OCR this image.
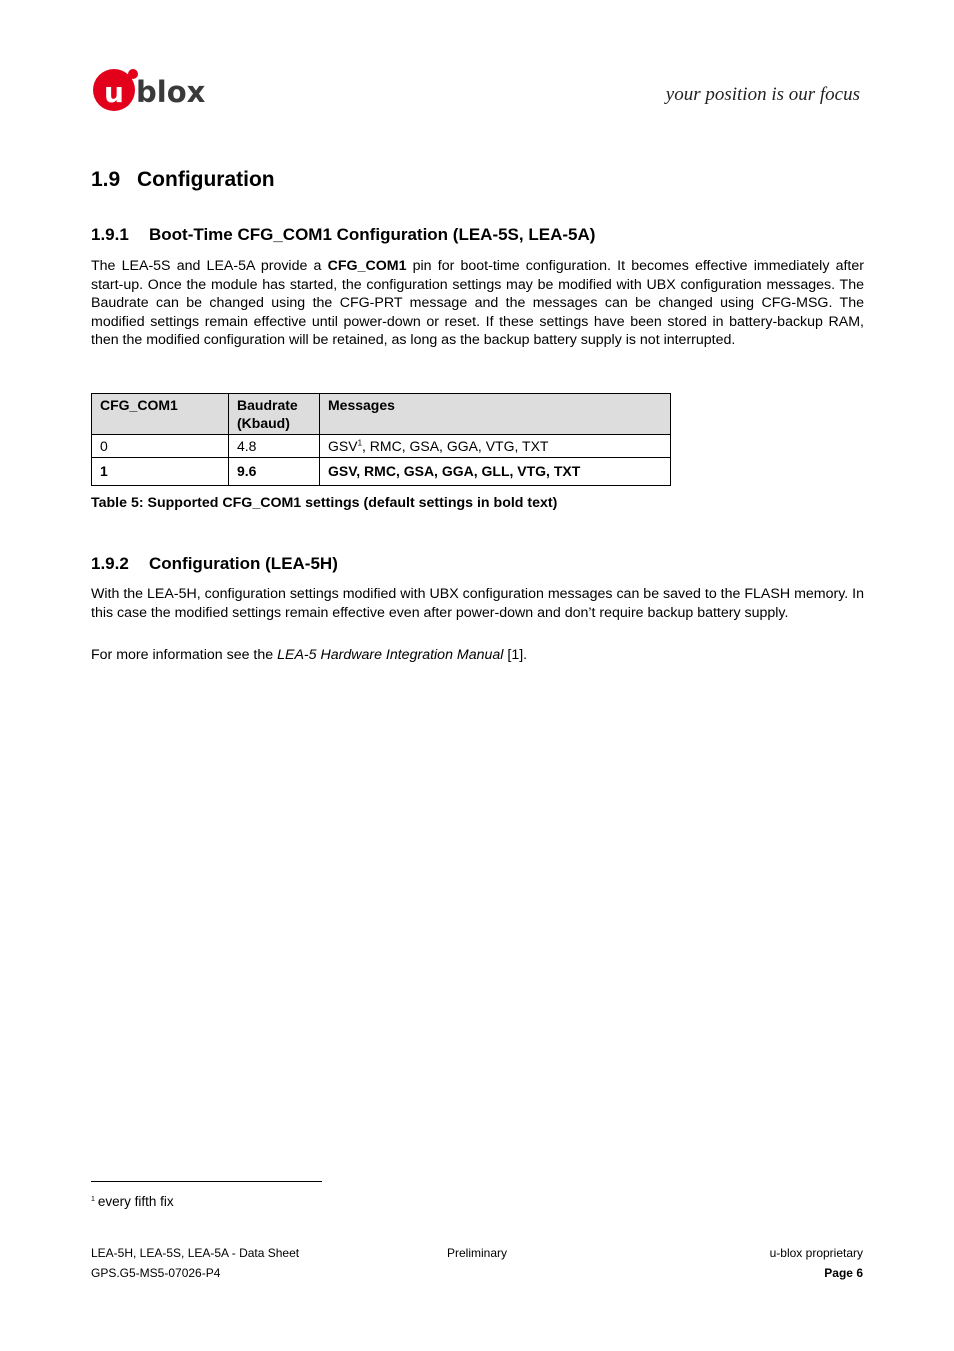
u blox	your position is our focus
1.9 Configuration
1.9.1 Boot-Time CFG_COM1 Configuration (LEA-5S, LEA-5A)

The LEA-5S and LEA-5A provide a CFG_COM1 pin for boot-time configuration. It becomes effective immediately after start-up. Once the module has started, the configuration settings may be modified with UBX configuration messages. The Baudrate can be changed using the CFG-PRT message and the messages can be changed using CFG-MSG. The modified settings remain effective until power-down or reset. If these settings have been stored in battery-backup RAM, then the modified configuration will be retained, as long as the backup battery supply is not interrupted.

CFG_COM1	Baudrate (Kbaud)	Messages
0	4.8	GSV$^1$, RMC, GSA, GGA, VTG, TXT
1	9.6	GSV, RMC, GSA, GGA, GLL, VTG, TXT
Table 5: Supported CFG_COM1 settings (default settings in bold text)
1.9.2 Configuration (LEA-5H)

With the LEA-5H, configuration settings modified with UBX configuration messages can be saved to the FLASH memory. In this case the modified settings remain effective even after power-down and don’t require backup battery supply.

For more information see the LEA-5 Hardware Integration Manual [1].

$^1$ every fifth fix
LEA-5H, LEA-5S, LEA-5A - Data Sheet
GPS.G5-MS5-07026-P4
Preliminary	u-blox proprietary
Page 6
